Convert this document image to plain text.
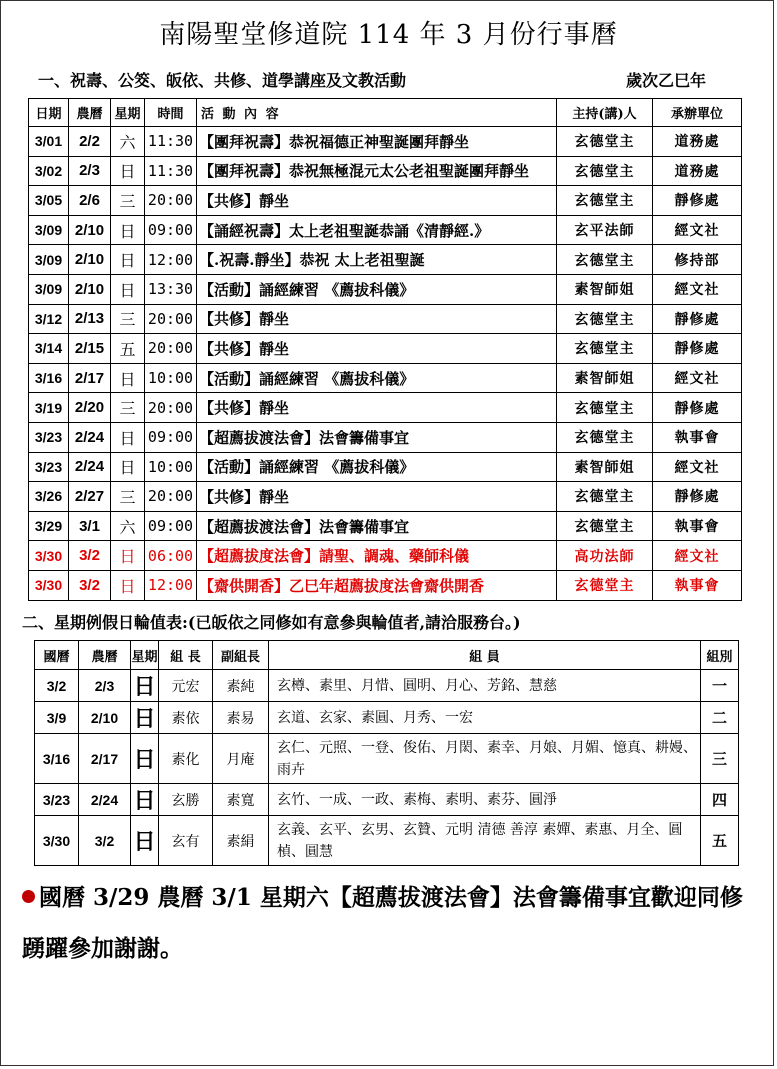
南陽聖堂修道院 114 年 3 月份行事曆
一、祝壽、公筊、皈依、共修、道學講座及文教活動	歲次乙巳年
日期	農曆	星期	時間	活 動 內 容	主持(講)人	承辦單位
3/01	2/2	六	11:30	【團拜祝壽】恭祝福德正神聖誕團拜靜坐	玄德堂主	道務處
3/02	2/3	日	11:30	【團拜祝壽】恭祝無極混元太公老祖聖誕團拜靜坐	玄德堂主	道務處
3/05	2/6	三	20:00	【共修】靜坐	玄德堂主	靜修處
3/09	2/10	日	09:00	【誦經祝壽】太上老祖聖誕恭誦《清靜經.》	玄平法師	經文社
3/09	2/10	日	12:00	【.祝壽.靜坐】恭祝 太上老祖聖誕	玄德堂主	修持部
3/09	2/10	日	13:30	【活動】誦經練習 《薦拔科儀》	素智師姐	經文社
3/12	2/13	三	20:00	【共修】靜坐	玄德堂主	靜修處
3/14	2/15	五	20:00	【共修】靜坐	玄德堂主	靜修處
3/16	2/17	日	10:00	【活動】誦經練習 《薦拔科儀》	素智師姐	經文社
3/19	2/20	三	20:00	【共修】靜坐	玄德堂主	靜修處
3/23	2/24	日	09:00	【超薦拔渡法會】法會籌備事宜	玄德堂主	執事會
3/23	2/24	日	10:00	【活動】誦經練習 《薦拔科儀》	素智師姐	經文社
3/26	2/27	三	20:00	【共修】靜坐	玄德堂主	靜修處
3/29	3/1	六	09:00	【超薦拔渡法會】法會籌備事宜	玄德堂主	執事會
3/30	3/2	日	06:00	【超薦拔度法會】請聖、調魂、藥師科儀	高功法師	經文社
3/30	3/2	日	12:00	【齋供開香】乙巳年超薦拔度法會齋供開香	玄德堂主	執事會
二、星期例假日輪值表:(已皈依之同修如有意參與輪值者,請洽服務台。)
國曆	農曆	星期	組 長	副組長	組 員	組別
3/2	2/3	日	元宏	素純	玄樽、素里、月惜、圓明、月心、芳銘、慧慈	一
3/9	2/10	日	素依	素易	玄道、玄家、素圓、月秀、一宏	二
3/16	2/17	日	素化	月庵	玄仁、元照、一登、俊佑、月閎、素幸、月娘、月媚、憶真、耕嫚、雨卉	三
3/23	2/24	日	玄勝	素寬	玄竹、一成、一政、素梅、素明、素芬、圓淨	四
3/30	3/2	日	玄有	素絹	玄義、玄平、玄男、玄贊、元明 清德 善淳 素嬋、素惠、月全、圓楨、圓慧	五
國曆 3/29 農曆 3/1 星期六【超薦拔渡法會】法會籌備事宜歡迎同修踴躍參加謝謝。
